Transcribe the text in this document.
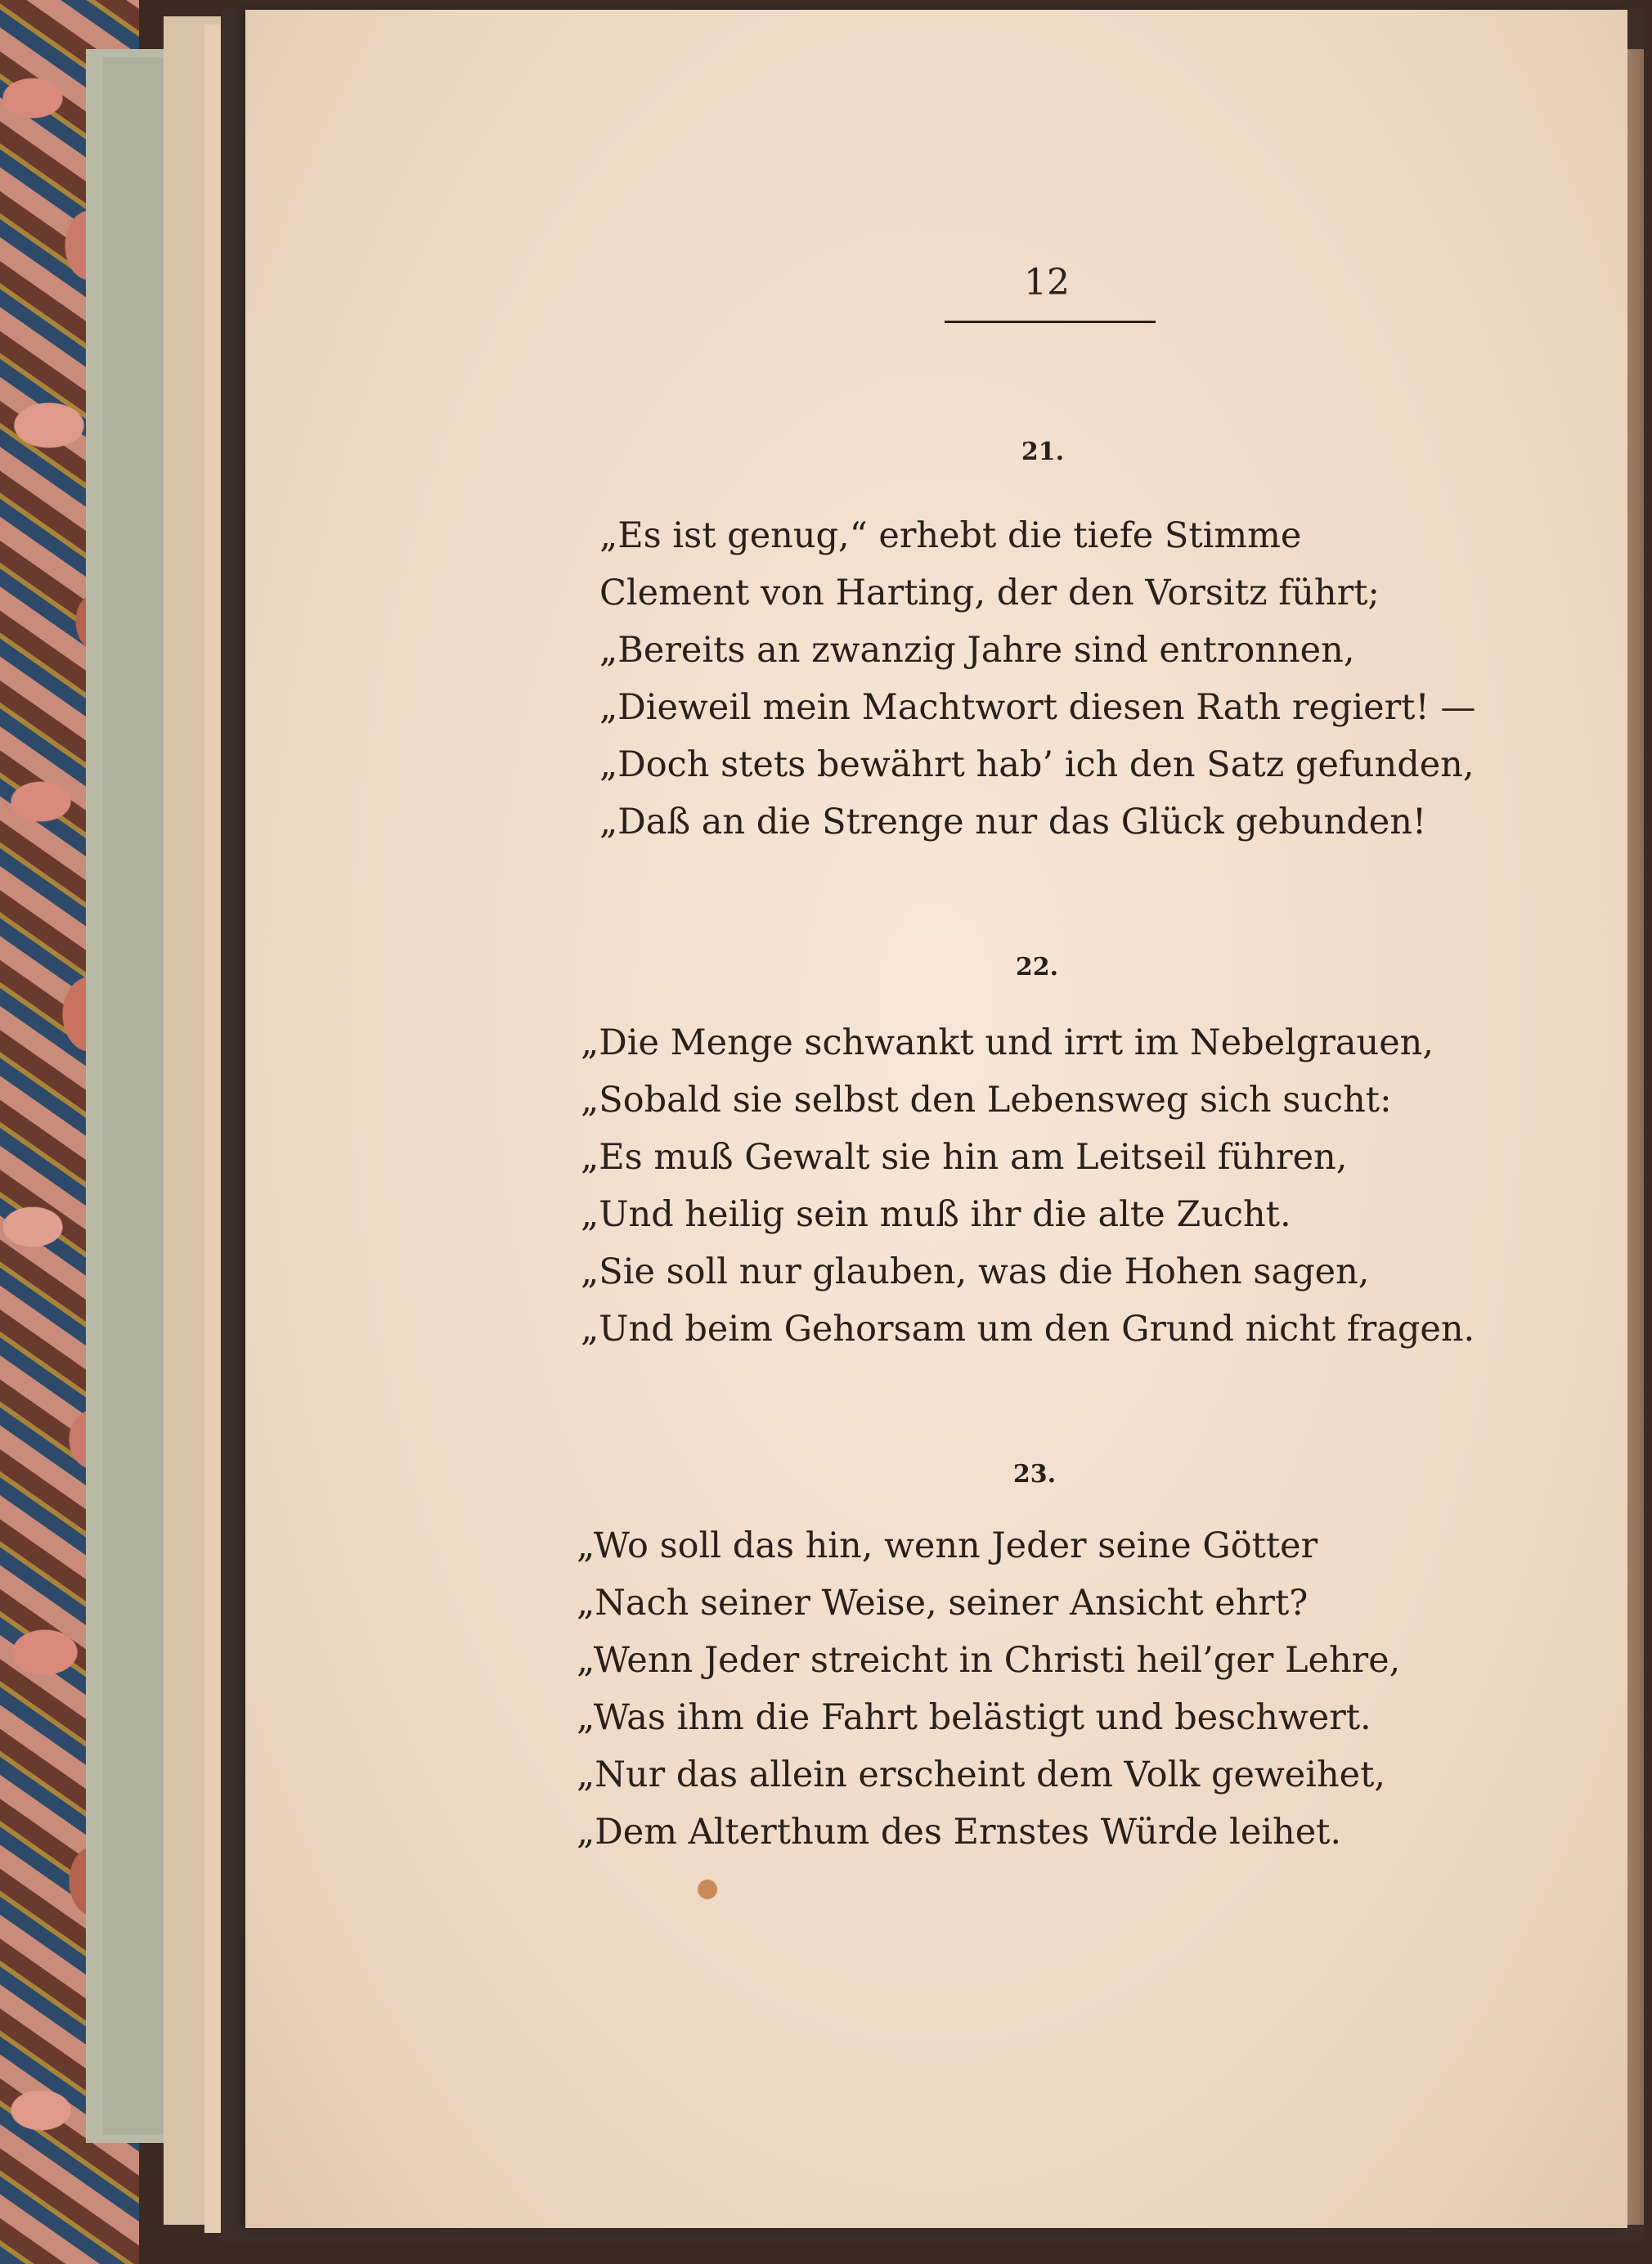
12
21.
„Es ist genug,“ erhebt die tiefe Stimme
Clement von Harting, der den Vorsitz führt;
„Bereits an zwanzig Jahre sind entronnen,
„Dieweil mein Machtwort diesen Rath regiert! —
„Doch stets bewährt hab’ ich den Satz gefunden,
„Daß an die Strenge nur das Glück gebunden!
22.
„Die Menge schwankt und irrt im Nebelgrauen,
„Sobald sie selbst den Lebensweg sich sucht:
„Es muß Gewalt sie hin am Leitseil führen,
„Und heilig sein muß ihr die alte Zucht.
„Sie soll nur glauben, was die Hohen sagen,
„Und beim Gehorsam um den Grund nicht fragen.
23.
„Wo soll das hin, wenn Jeder seine Götter
„Nach seiner Weise, seiner Ansicht ehrt?
„Wenn Jeder streicht in Christi heil’ger Lehre,
„Was ihm die Fahrt belästigt und beschwert.
„Nur das allein erscheint dem Volk geweihet,
„Dem Alterthum des Ernstes Würde leihet.
